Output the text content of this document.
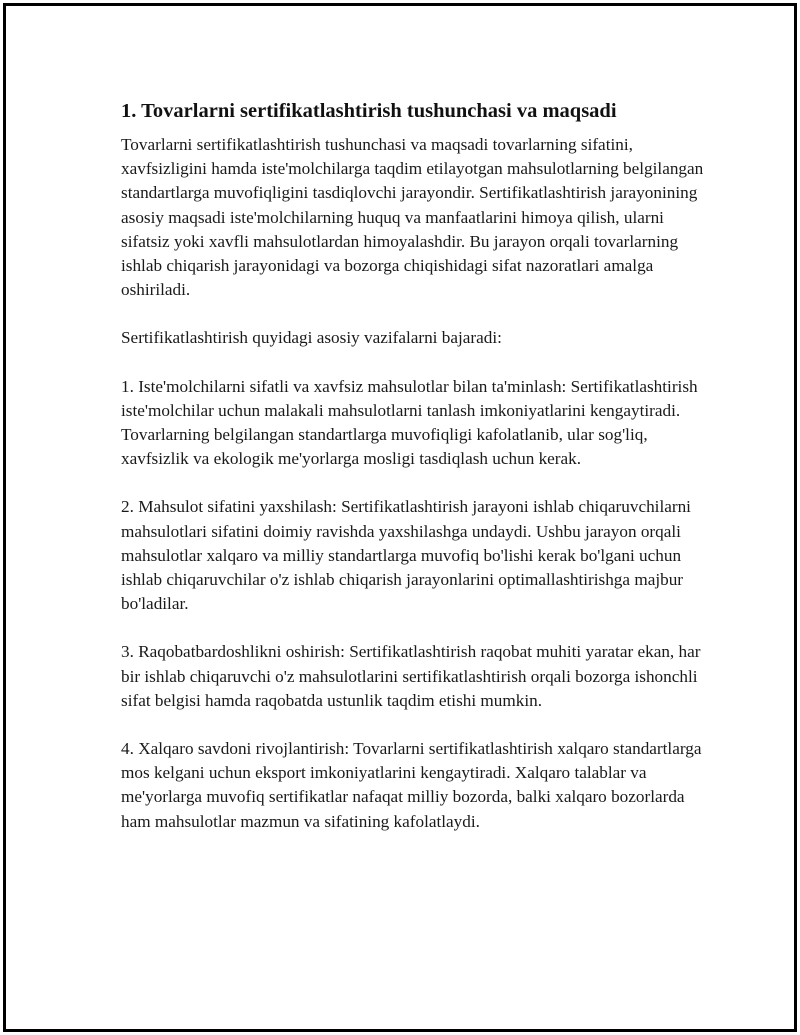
1. Tovarlarni sertifikatlashtirish tushunchasi va maqsadi

Tovarlarni sertifikatlashtirish tushunchasi va maqsadi tovarlarning sifatini, xavfsizligini hamda iste'molchilarga taqdim etilayotgan mahsulotlarning belgilangan standartlarga muvofiqligini tasdiqlovchi jarayondir. Sertifikatlashtirish jarayonining asosiy maqsadi iste'molchilarning huquq va manfaatlarini himoya qilish, ularni sifatsiz yoki xavfli mahsulotlardan himoyalashdir. Bu jarayon orqali tovarlarning ishlab chiqarish jarayonidagi va bozorga chiqishidagi sifat nazoratlari amalga oshiriladi.

Sertifikatlashtirish quyidagi asosiy vazifalarni bajaradi:

1. Iste'molchilarni sifatli va xavfsiz mahsulotlar bilan ta'minlash: Sertifikatlashtirish iste'molchilar uchun malakali mahsulotlarni tanlash imkoniyatlarini kengaytiradi. Tovarlarning belgilangan standartlarga muvofiqligi kafolatlanib, ular sog'liq, xavfsizlik va ekologik me'yorlarga mosligi tasdiqlash uchun kerak.

2. Mahsulot sifatini yaxshilash: Sertifikatlashtirish jarayoni ishlab chiqaruvchilarni mahsulotlari sifatini doimiy ravishda yaxshilashga undaydi. Ushbu jarayon orqali mahsulotlar xalqaro va milliy standartlarga muvofiq bo'lishi kerak bo'lgani uchun ishlab chiqaruvchilar o'z ishlab chiqarish jarayonlarini optimallashtirishga majbur bo'ladilar.

3. Raqobatbardoshlikni oshirish: Sertifikatlashtirish raqobat muhiti yaratar ekan, har bir ishlab chiqaruvchi o'z mahsulotlarini sertifikatlashtirish orqali bozorga ishonchli sifat belgisi hamda raqobatda ustunlik taqdim etishi mumkin.

4. Xalqaro savdoni rivojlantirish: Tovarlarni sertifikatlashtirish xalqaro standartlarga mos kelgani uchun eksport imkoniyatlarini kengaytiradi. Xalqaro talablar va me'yorlarga muvofiq sertifikatlar nafaqat milliy bozorda, balki xalqaro bozorlarda ham mahsulotlar mazmun va sifatining kafolatlaydi.
